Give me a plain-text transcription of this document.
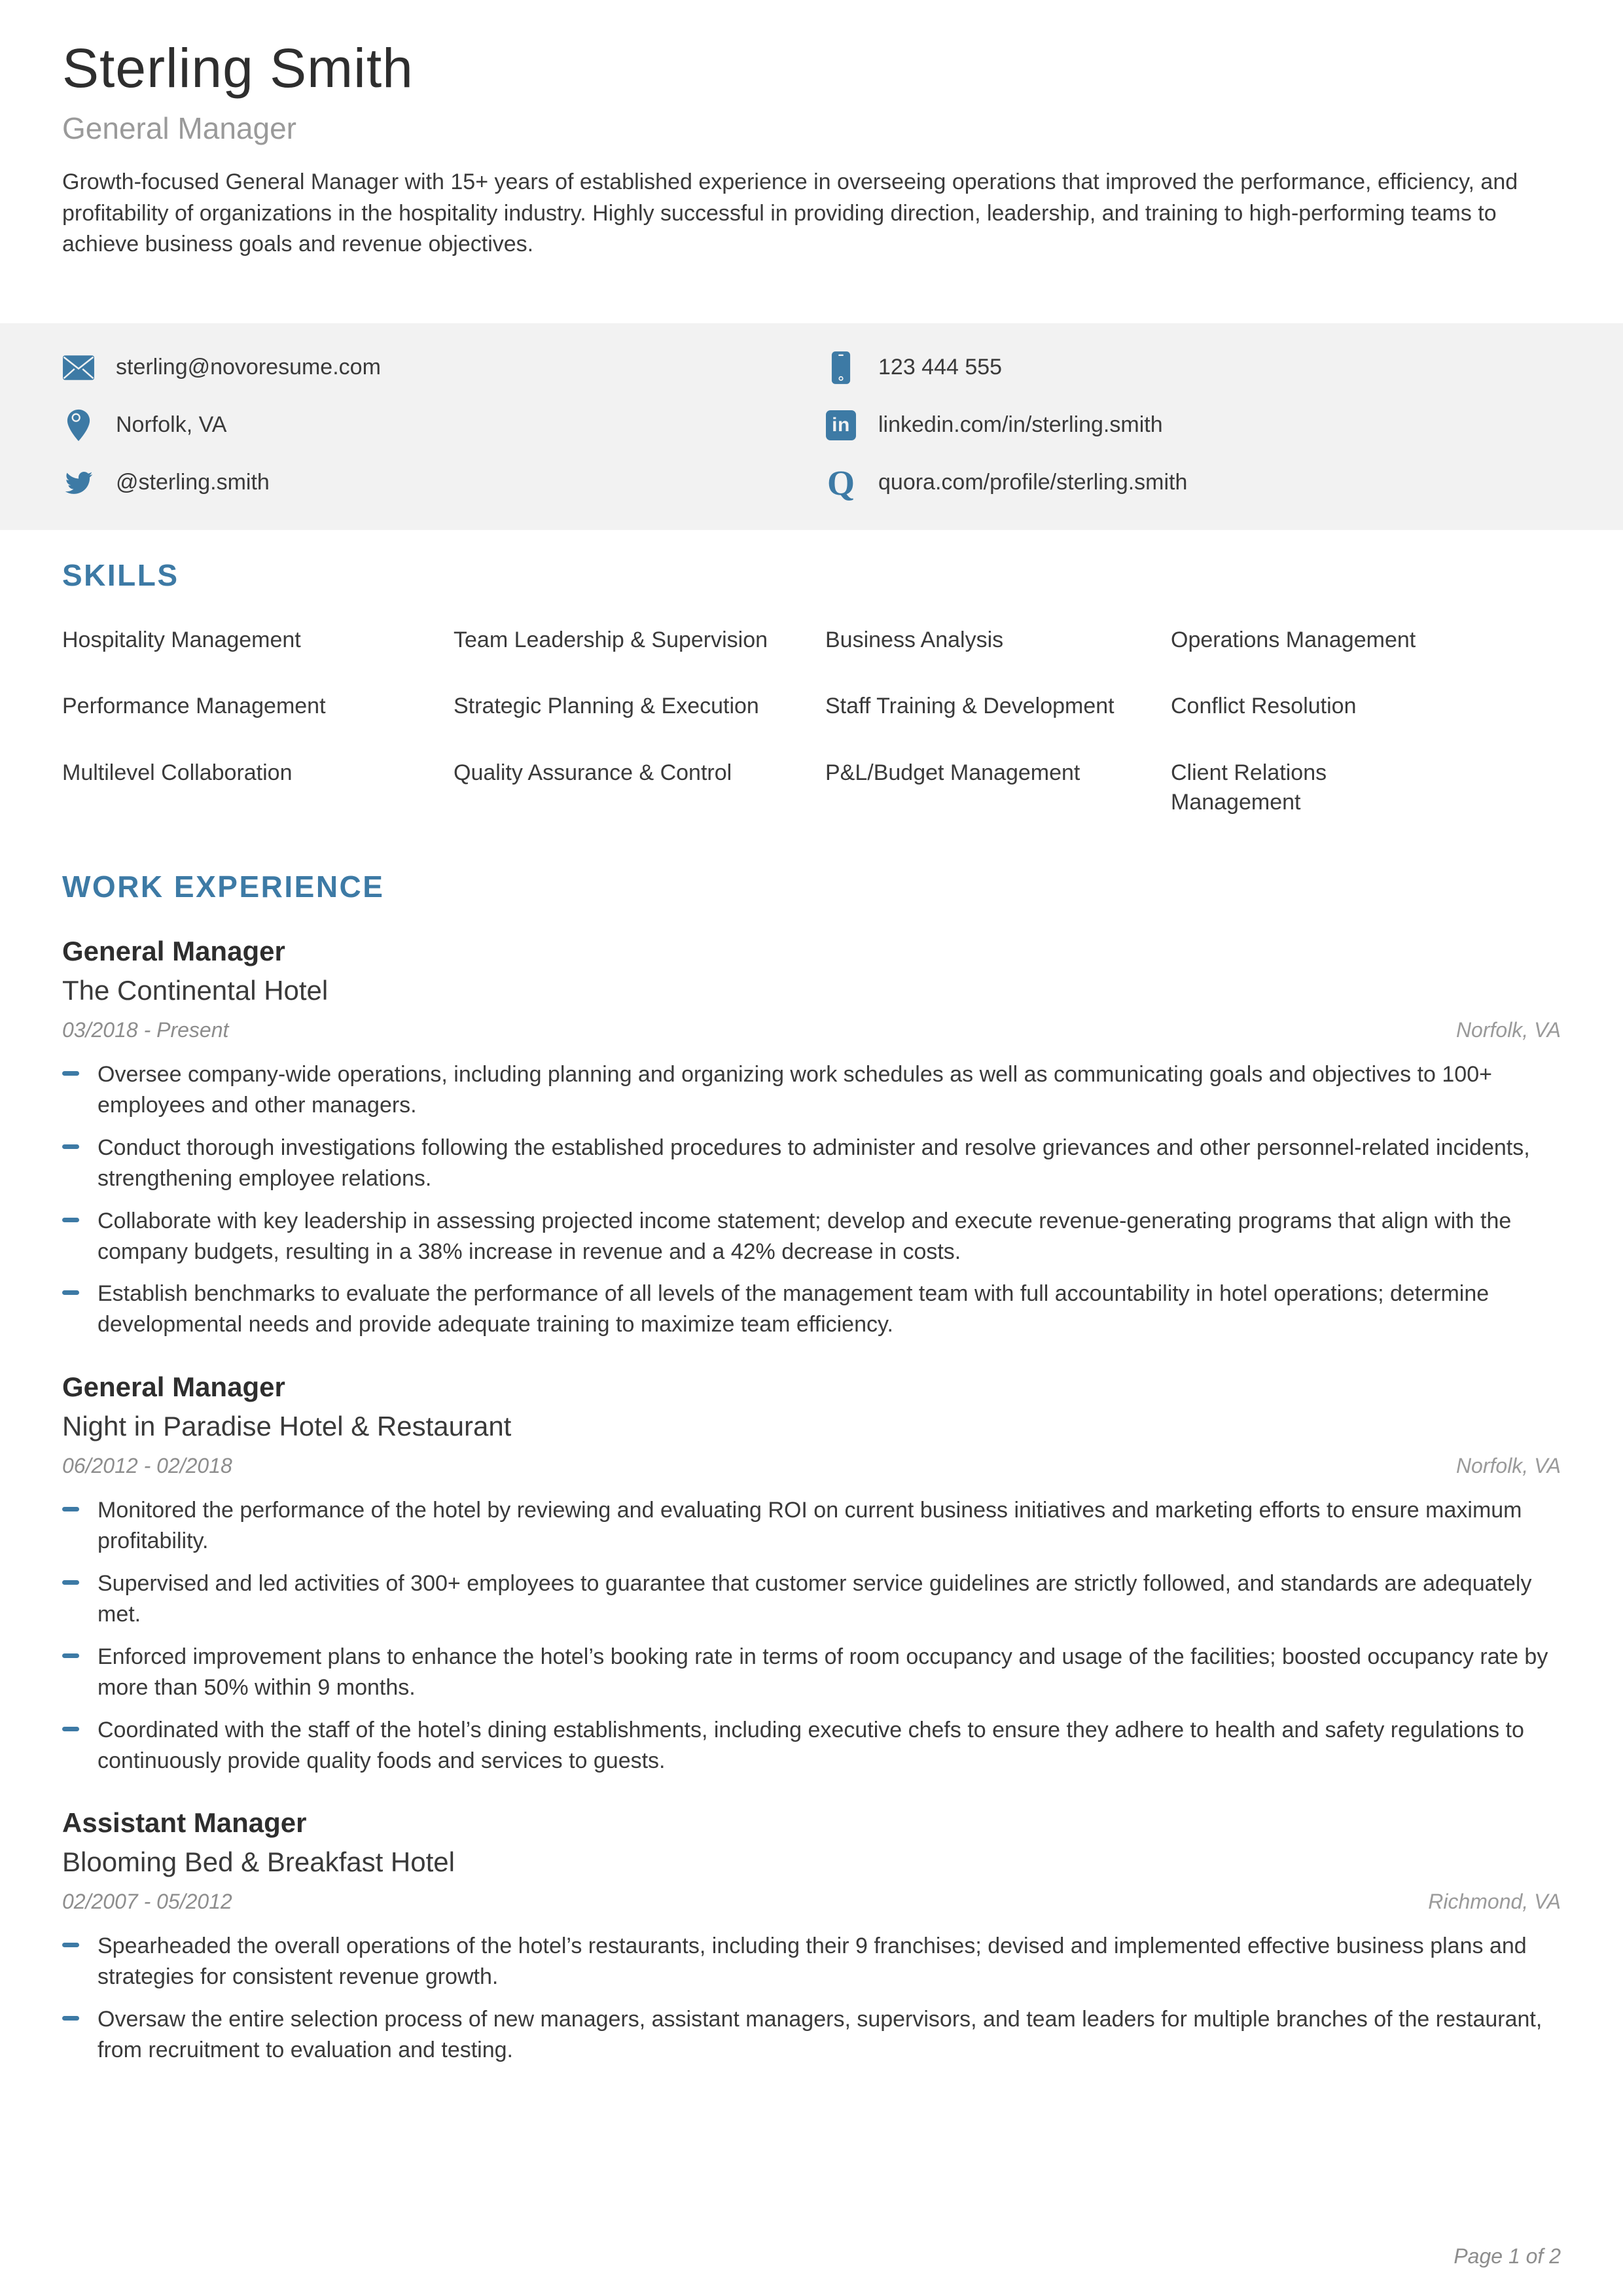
Sterling Smith
General Manager
Growth-focused General Manager with 15+ years of established experience in overseeing operations that improved the performance, efficiency, and profitability of organizations in the hospitality industry. Highly successful in providing direction, leadership, and training to high-performing teams to achieve business goals and revenue objectives.
sterling@novoresume.com	123 444 555
Norfolk, VA	in linkedin.com/in/sterling.smith
@sterling.smith	Q quora.com/profile/sterling.smith
SKILLS
Hospitality Management	Team Leadership & Supervision	Business Analysis	Operations Management
Performance Management	Strategic Planning & Execution	Staff Training & Development	Conflict Resolution
Multilevel Collaboration	Quality Assurance & Control	P&L/Budget Management	Client Relations Management
WORK EXPERIENCE
General Manager
The Continental Hotel
03/2018 - Present	Norfolk, VA
Oversee company-wide operations, including planning and organizing work schedules as well as communicating goals and objectives to 100+ employees and other managers.
Conduct thorough investigations following the established procedures to administer and resolve grievances and other personnel-related incidents, strengthening employee relations.
Collaborate with key leadership in assessing projected income statement; develop and execute revenue-generating programs that align with the company budgets, resulting in a 38% increase in revenue and a 42% decrease in costs.
Establish benchmarks to evaluate the performance of all levels of the management team with full accountability in hotel operations; determine developmental needs and provide adequate training to maximize team efficiency.
General Manager
Night in Paradise Hotel & Restaurant
06/2012 - 02/2018	Norfolk, VA
Monitored the performance of the hotel by reviewing and evaluating ROI on current business initiatives and marketing efforts to ensure maximum profitability.
Supervised and led activities of 300+ employees to guarantee that customer service guidelines are strictly followed, and standards are adequately met.
Enforced improvement plans to enhance the hotel’s booking rate in terms of room occupancy and usage of the facilities; boosted occupancy rate by more than 50% within 9 months.
Coordinated with the staff of the hotel’s dining establishments, including executive chefs to ensure they adhere to health and safety regulations to continuously provide quality foods and services to guests.
Assistant Manager
Blooming Bed & Breakfast Hotel
02/2007 - 05/2012	Richmond, VA
Spearheaded the overall operations of the hotel’s restaurants, including their 9 franchises; devised and implemented effective business plans and strategies for consistent revenue growth.
Oversaw the entire selection process of new managers, assistant managers, supervisors, and team leaders for multiple branches of the restaurant, from recruitment to evaluation and testing.
Page 1 of 2
